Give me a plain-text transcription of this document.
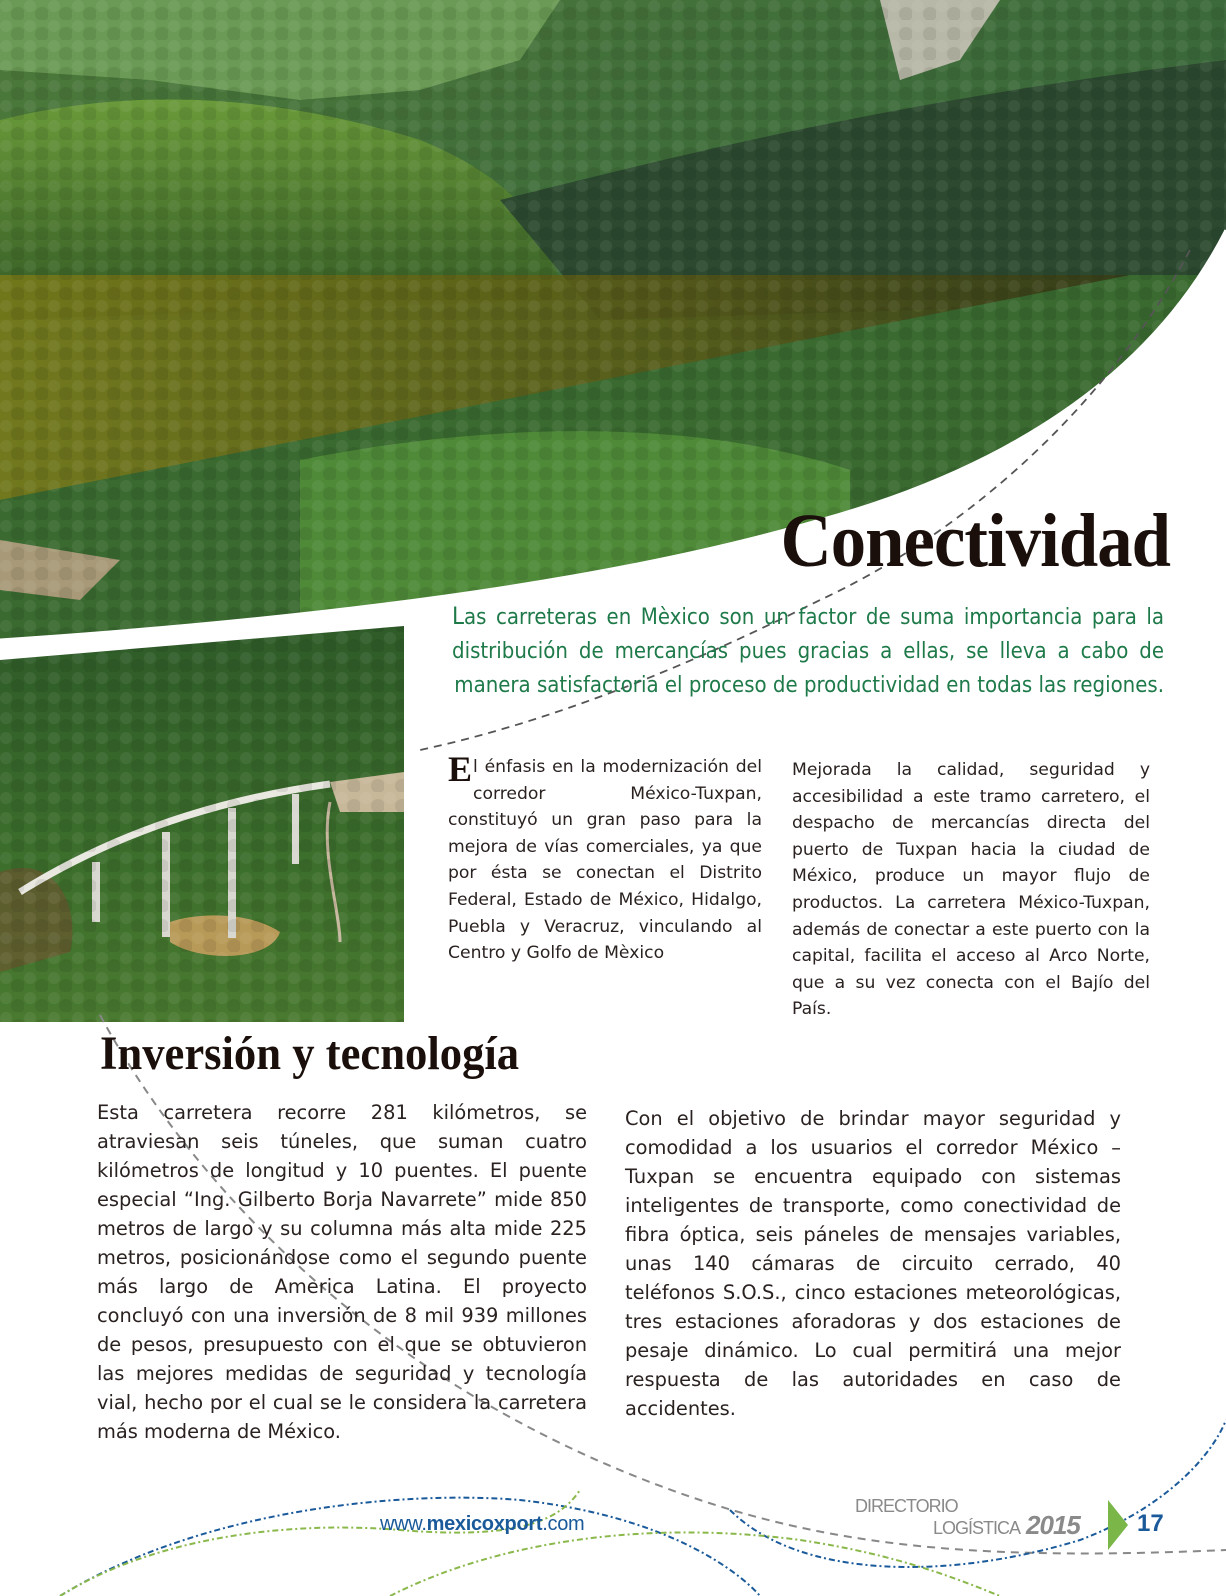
Conectividad
Las carreteras en Mèxico son un factor de suma importancia para la distribución de mercancías pues gracias a ellas, se lleva a cabo de manera satisfactoria el proceso de productividad en todas las regiones.
El énfasis en la modernización del corredor México-Tuxpan, constituyó un gran paso para la mejora de vías comerciales, ya que por ésta se conectan el Distrito Federal, Estado de México, Hidalgo, Puebla y Veracruz, vinculando al Centro y Golfo de Mèxico
Mejorada la calidad, seguridad y accesibilidad a este tramo carretero, el despacho de mercancías directa del puerto de Tuxpan hacia la ciudad de México, produce un mayor flujo de productos. La carretera México-Tuxpan, además de conectar a este puerto con la capital, facilita el acceso al Arco Norte, que a su vez conecta con el Bajío del País.
Inversión y tecnología
Esta carretera recorre 281 kilómetros, se atraviesan seis túneles, que suman cuatro kilómetros de longitud y 10 puentes. El puente especial “Ing. Gilberto Borja Navarrete” mide 850 metros de largo y su columna más alta mide 225 metros, posicionándose como el segundo puente más largo de America Latina. El proyecto concluyó con una inversión de 8 mil 939 millones de pesos, presupuesto con el que se obtuvieron las mejores medidas de seguridad y tecnología vial, hecho por el cual se le considera la carretera más moderna de México.
Con el objetivo de brindar mayor seguridad y comodidad a los usuarios el corredor México – Tuxpan se encuentra equipado con sistemas inteligentes de transporte, como conectividad de fibra óptica, seis páneles de mensajes variables, unas 140 cámaras de circuito cerrado, 40 teléfonos S.O.S., cinco estaciones meteorológicas, tres estaciones aforadoras y dos estaciones de pesaje dinámico. Lo cual permitirá una mejor respuesta de las autoridades en caso de accidentes.
www.mexicoxport.com
DIRECTORIO
LOGÍSTICA 2015 17
